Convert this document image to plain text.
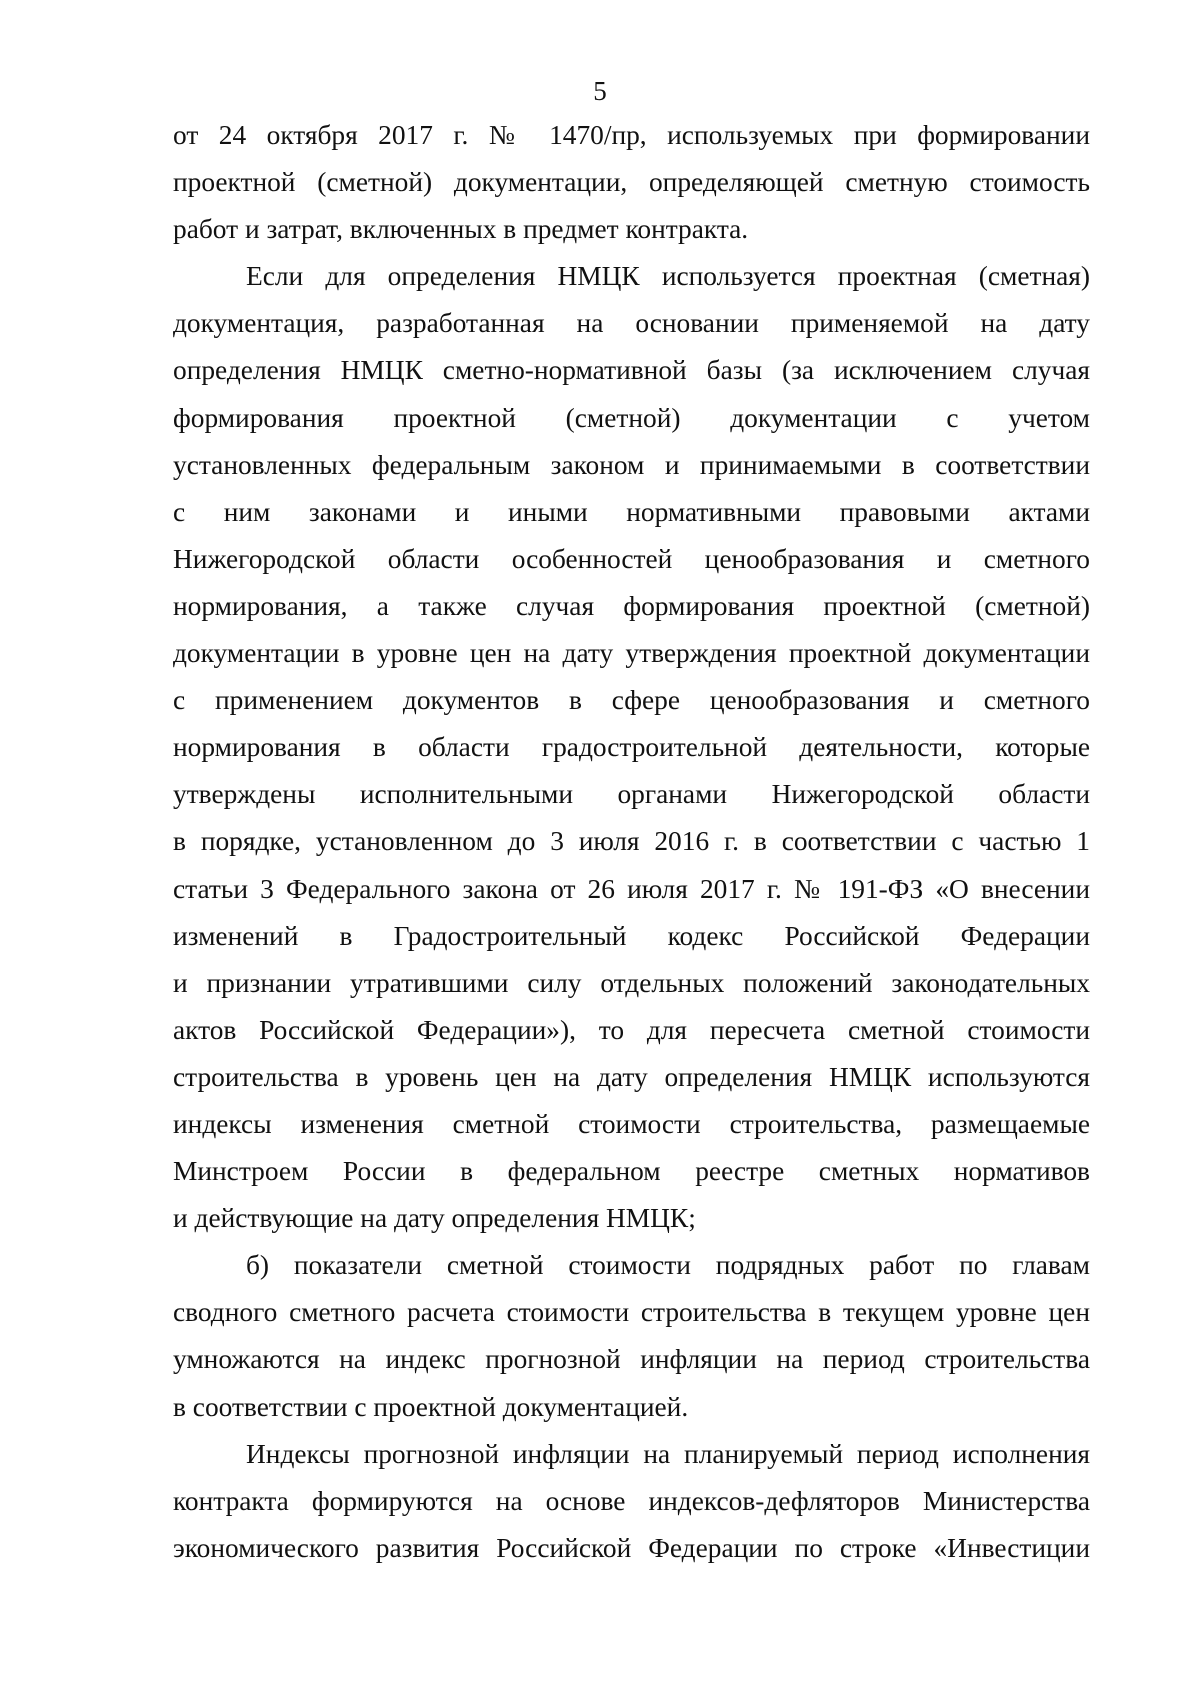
5
от 24 октября 2017 г. № 1470/пр, используемых при формировании
проектной (сметной) документации, определяющей сметную стоимость
работ и затрат, включенных в предмет контракта.
Если для определения НМЦК используется проектная (сметная)
документация, разработанная на основании применяемой на дату
определения НМЦК сметно-нормативной базы (за исключением случая
формирования проектной (сметной) документации с учетом
установленных федеральным законом и принимаемыми в соответствии
с ним законами и иными нормативными правовыми актами
Нижегородской области особенностей ценообразования и сметного
нормирования, а также случая формирования проектной (сметной)
документации в уровне цен на дату утверждения проектной документации
с применением документов в сфере ценообразования и сметного
нормирования в области градостроительной деятельности, которые
утверждены исполнительными органами Нижегородской области
в порядке, установленном до 3 июля 2016 г. в соответствии с частью 1
статьи 3 Федерального закона от 26 июля 2017 г. № 191-ФЗ «О внесении
изменений в Градостроительный кодекс Российской Федерации
и признании утратившими силу отдельных положений законодательных
актов Российской Федерации»), то для пересчета сметной стоимости
строительства в уровень цен на дату определения НМЦК используются
индексы изменения сметной стоимости строительства, размещаемые
Минстроем России в федеральном реестре сметных нормативов
и действующие на дату определения НМЦК;
б) показатели сметной стоимости подрядных работ по главам
сводного сметного расчета стоимости строительства в текущем уровне цен
умножаются на индекс прогнозной инфляции на период строительства
в соответствии с проектной документацией.
Индексы прогнозной инфляции на планируемый период исполнения
контракта формируются на основе индексов-дефляторов Министерства
экономического развития Российской Федерации по строке «Инвестиции
